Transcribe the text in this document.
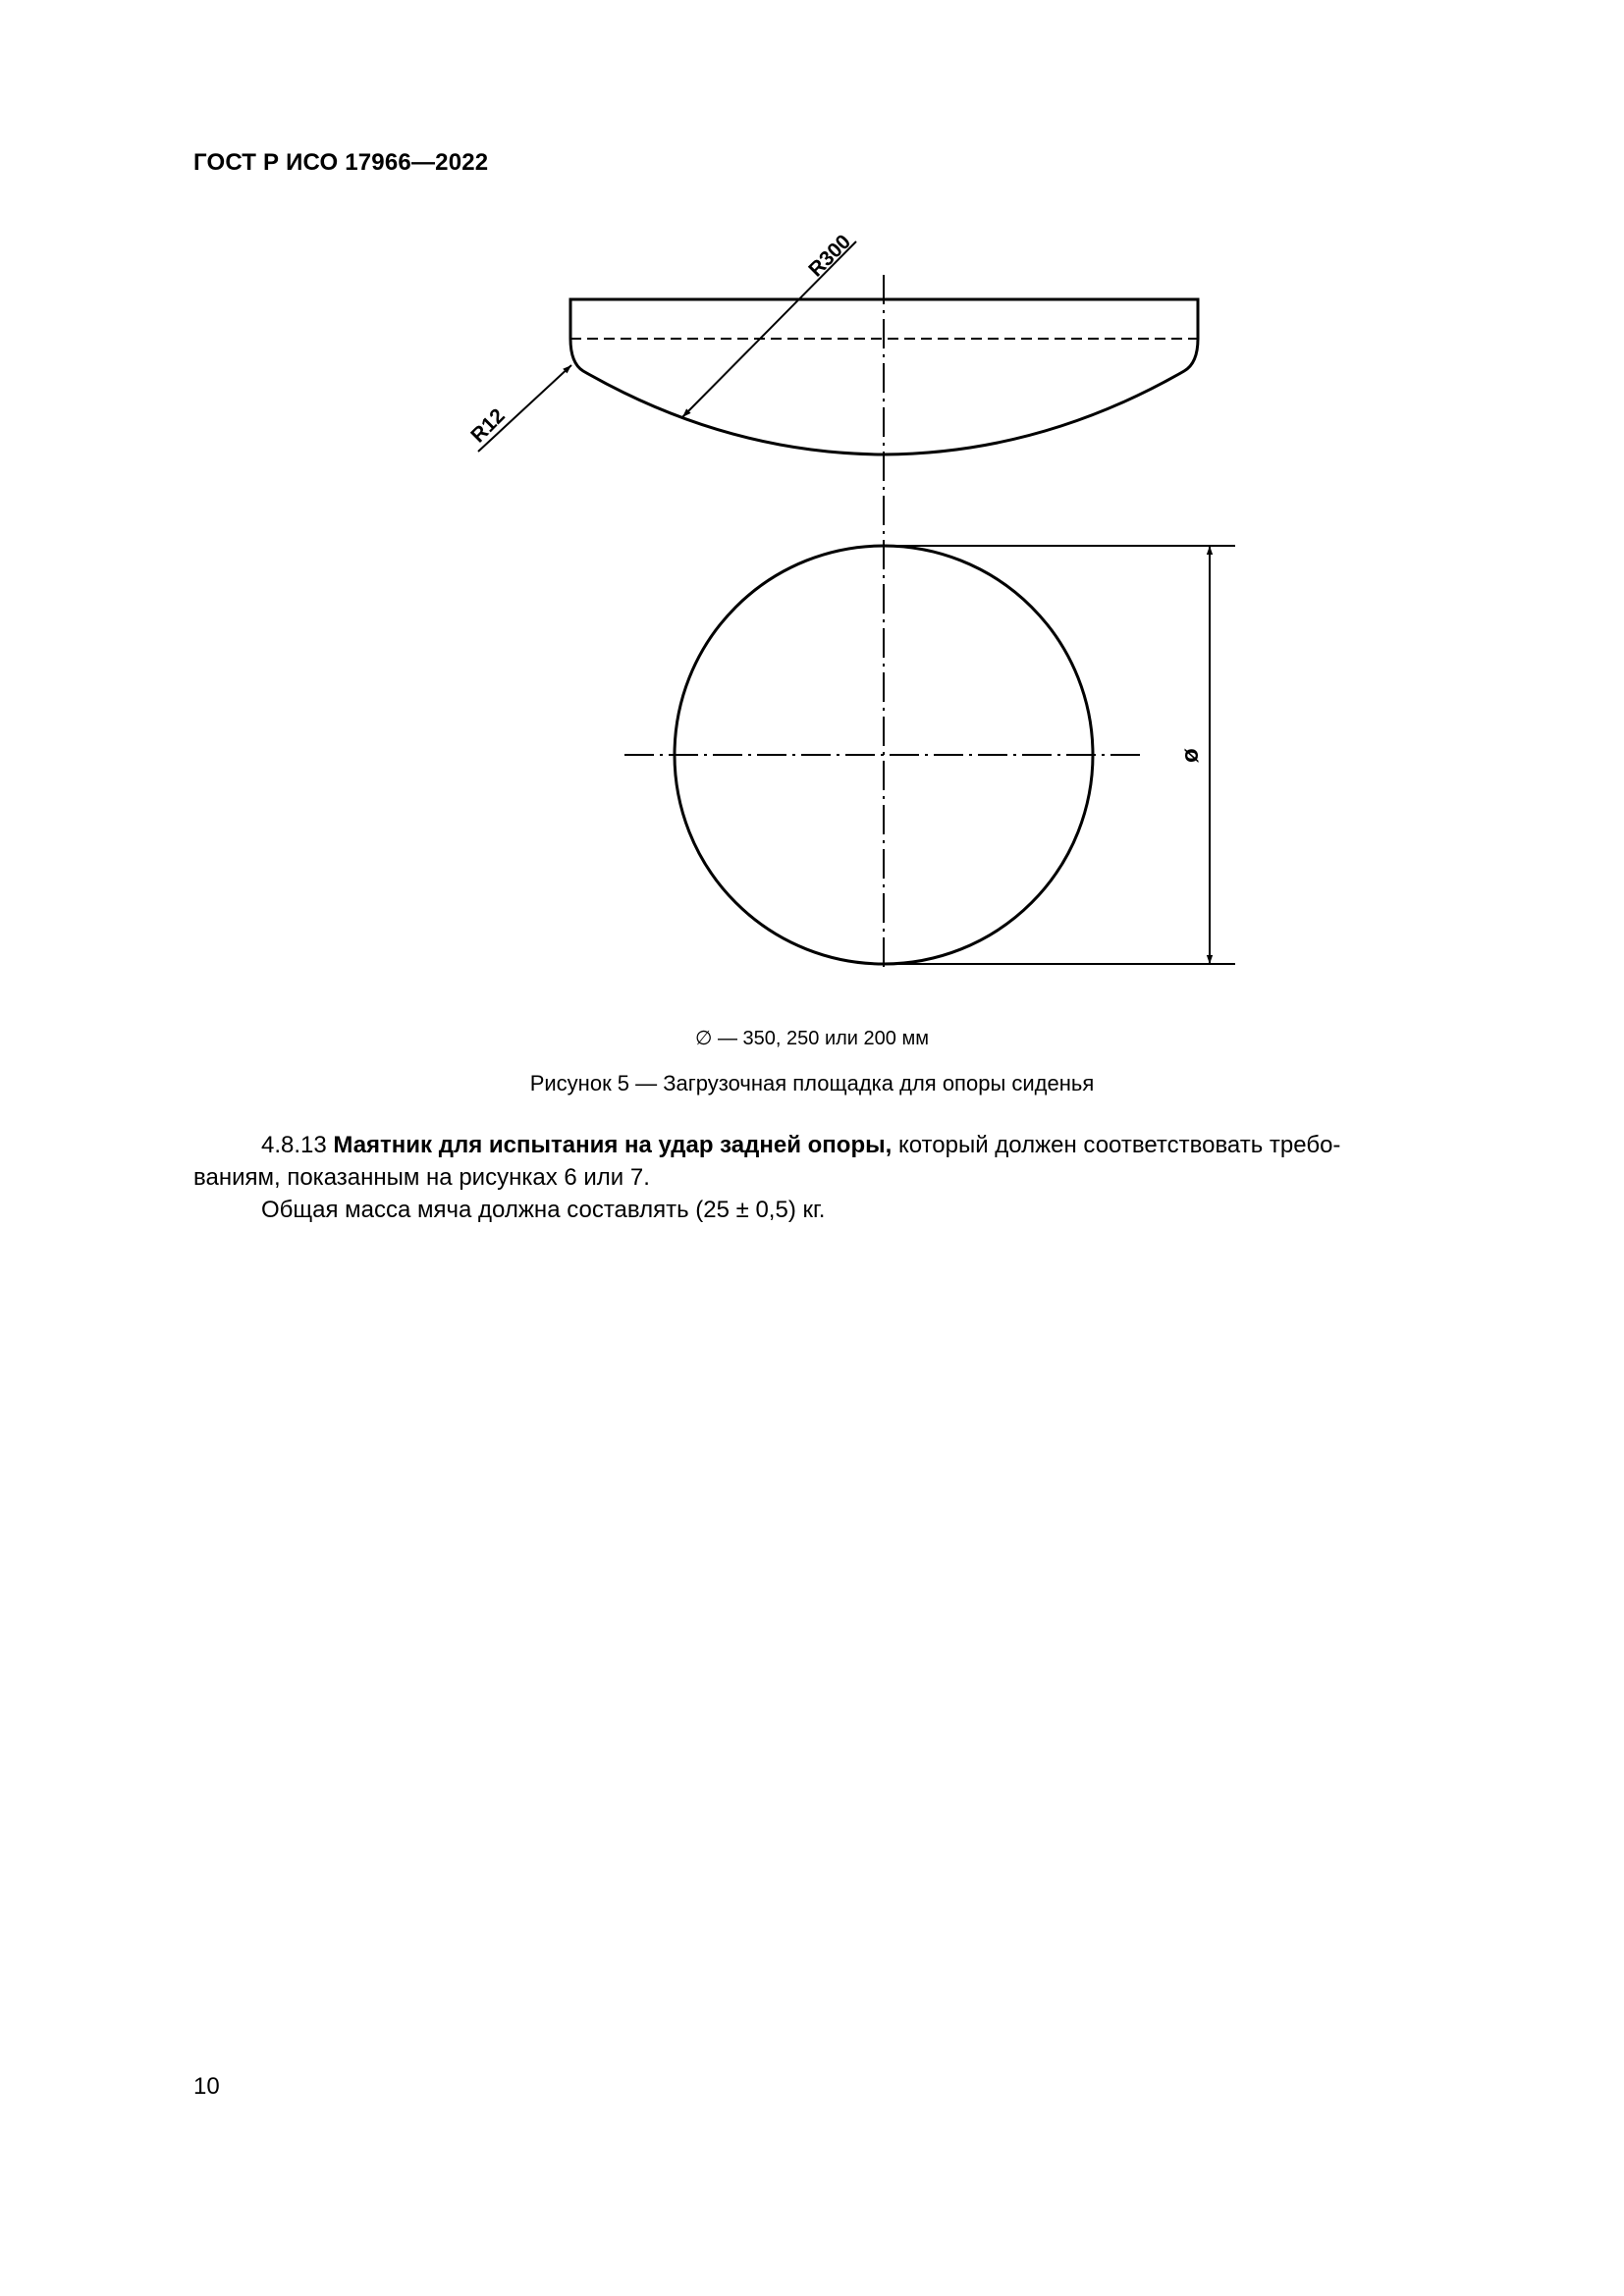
ГОСТ Р ИСО 17966—2022
R300
R12
ø
∅ — 350, 250 или 200 мм
Рисунок 5 — Загрузочная площадка для опоры сиденья

4.8.13 Маятник для испытания на удар задней опоры, который должен соответствовать требо-
ваниям, показанным на рисунках 6 или 7.

Общая масса мяча должна составлять (25 ± 0,5) кг.

10
